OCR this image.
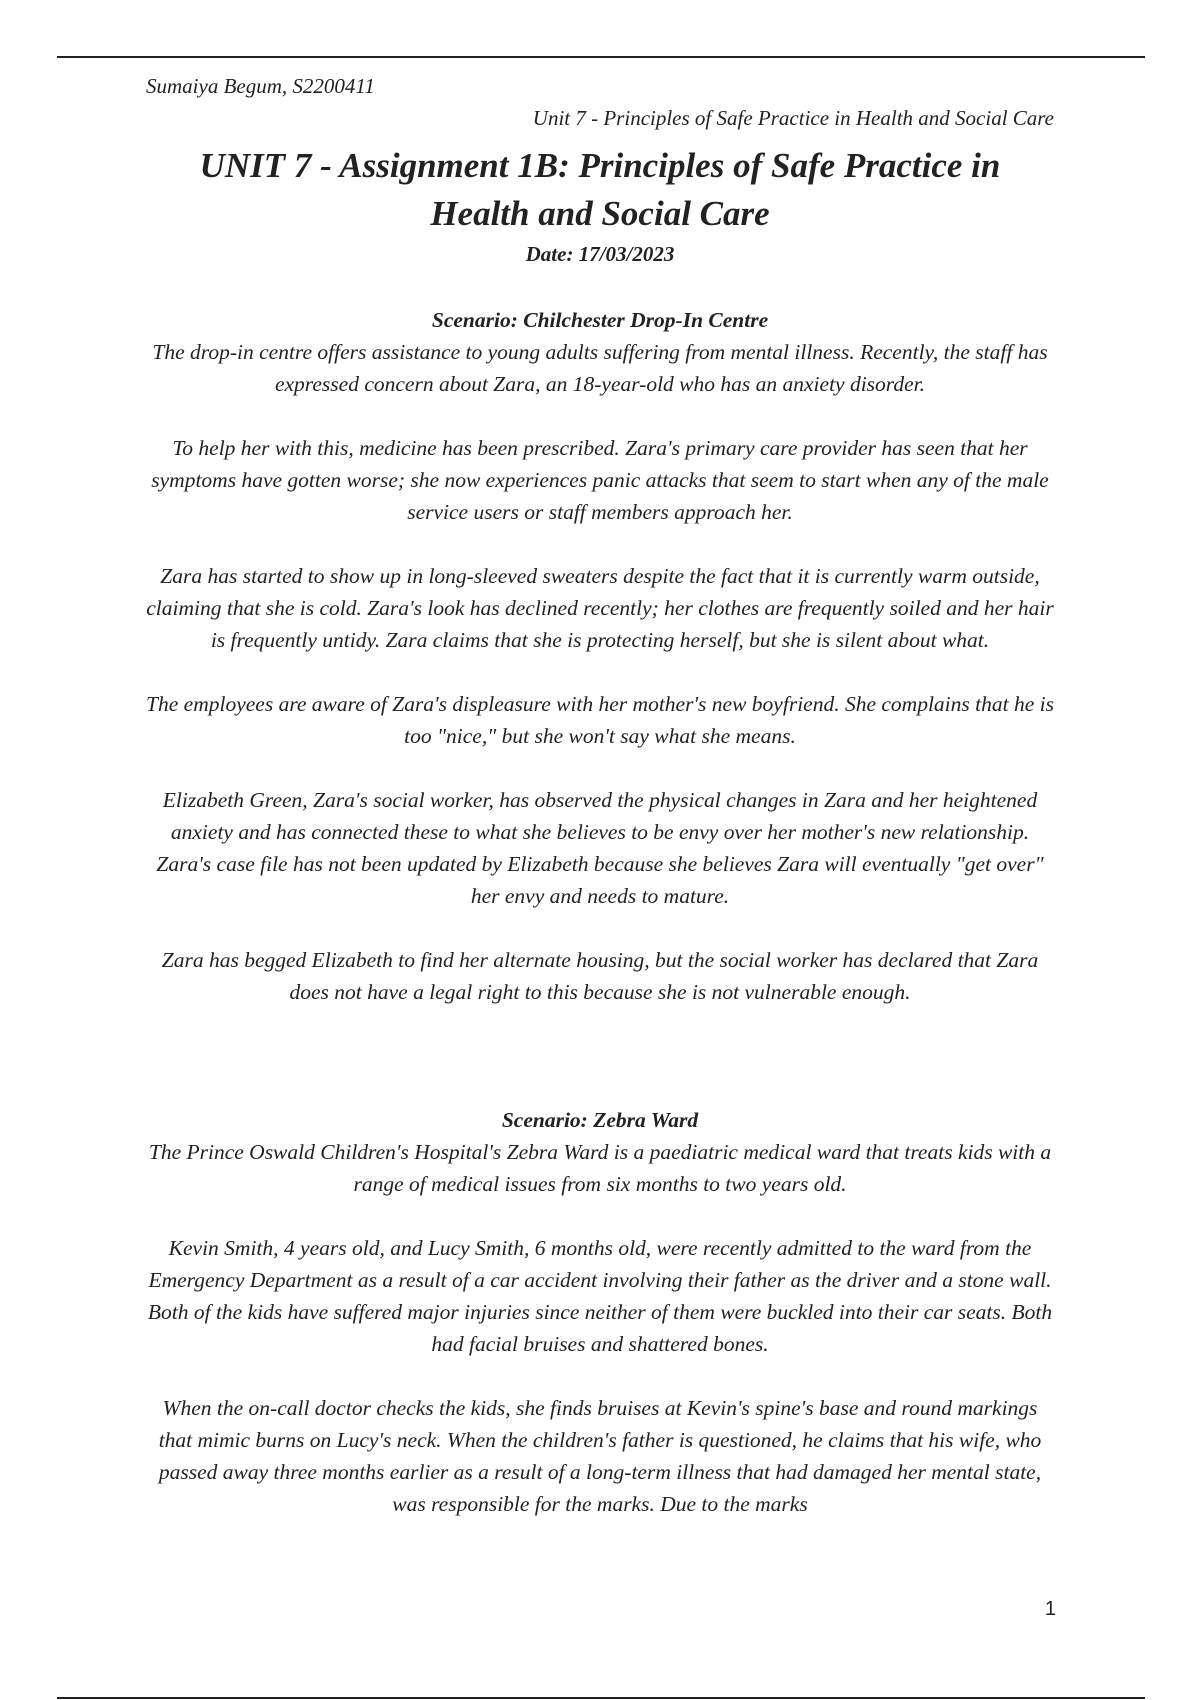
Sumaiya Begum, S2200411
Unit 7 - Principles of Safe Practice in Health and Social Care
UNIT 7 - Assignment 1B: Principles of Safe Practice in
Health and Social Care
Date: 17/03/2023
Scenario: Chilchester Drop-In Centre

The drop-in centre offers assistance to young adults suffering from mental illness. Recently, the staff has expressed concern about Zara, an 18-year-old who has an anxiety disorder.

To help her with this, medicine has been prescribed. Zara's primary care provider has seen that her symptoms have gotten worse; she now experiences panic attacks that seem to start when any of the male service users or staff members approach her.

Zara has started to show up in long-sleeved sweaters despite the fact that it is currently warm outside, claiming that she is cold. Zara's look has declined recently; her clothes are frequently soiled and her hair is frequently untidy. Zara claims that she is protecting herself, but she is silent about what.

The employees are aware of Zara's displeasure with her mother's new boyfriend. She complains that he is too "nice," but she won't say what she means.

Elizabeth Green, Zara's social worker, has observed the physical changes in Zara and her heightened anxiety and has connected these to what she believes to be envy over her mother's new relationship. Zara's case file has not been updated by Elizabeth because she believes Zara will eventually "get over" her envy and needs to mature.

Zara has begged Elizabeth to find her alternate housing, but the social worker has declared that Zara does not have a legal right to this because she is not vulnerable enough.

Scenario: Zebra Ward

The Prince Oswald Children's Hospital's Zebra Ward is a paediatric medical ward that treats kids with a range of medical issues from six months to two years old.

Kevin Smith, 4 years old, and Lucy Smith, 6 months old, were recently admitted to the ward from the Emergency Department as a result of a car accident involving their father as the driver and a stone wall. Both of the kids have suffered major injuries since neither of them were buckled into their car seats. Both had facial bruises and shattered bones.

When the on-call doctor checks the kids, she finds bruises at Kevin's spine's base and round markings that mimic burns on Lucy's neck. When the children's father is questioned, he claims that his wife, who passed away three months earlier as a result of a long-term illness that had damaged her mental state, was responsible for the marks. Due to the marks

1
